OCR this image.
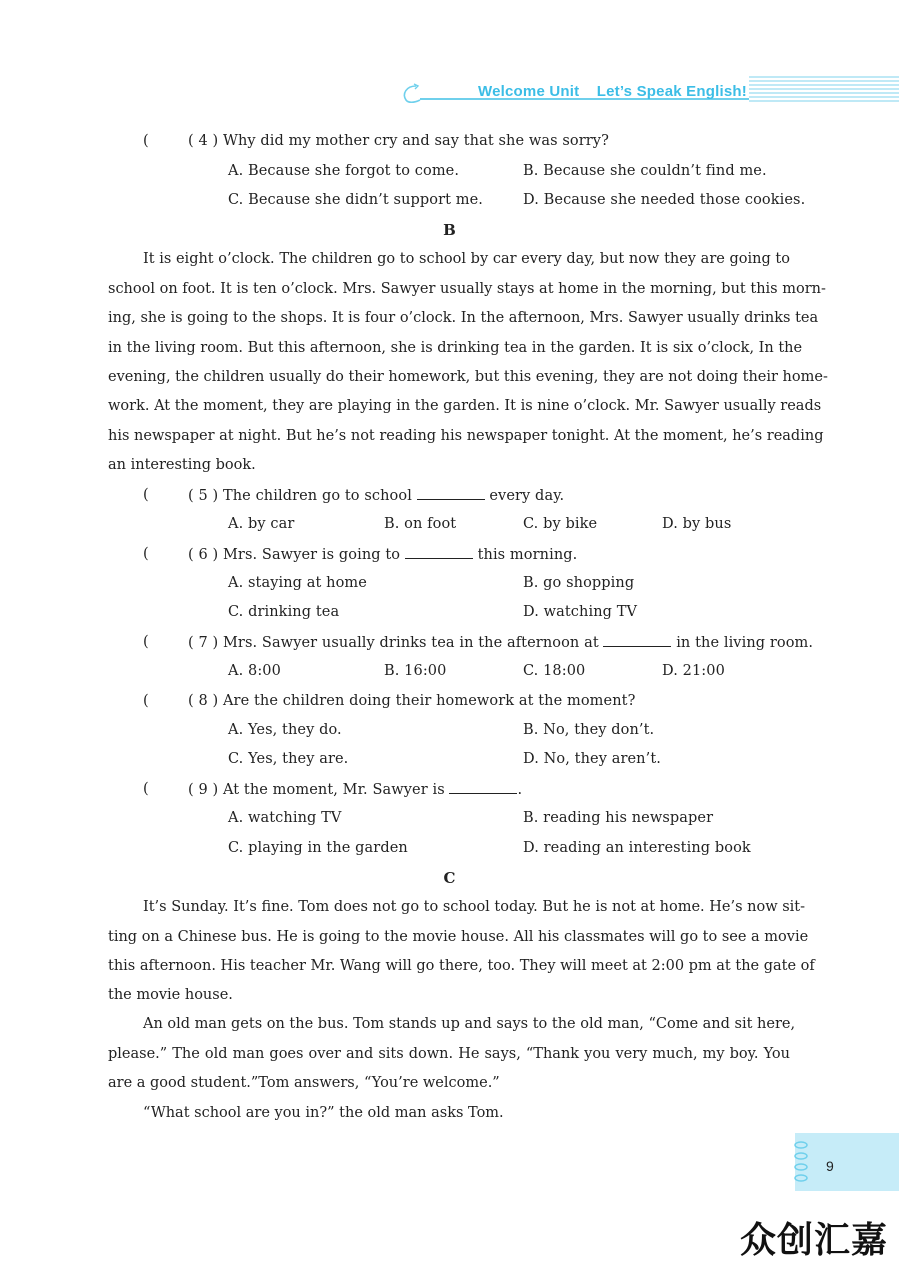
Welcome Unit    Let’s Speak English!
(	( 4 ) Why did my mother cry and say that she was sorry?
A. Because she forgot to come.	B. Because she couldn’t find me.
C. Because she didn’t support me.	D. Because she needed those cookies.
B
It is eight o’clock. The children go to school by car every day, but now they are going to
school on foot. It is ten o’clock. Mrs. Sawyer usually stays at home in the morning, but this morn-
ing, she is going to the shops. It is four o’clock. In the afternoon, Mrs. Sawyer usually drinks tea
in the living room. But this afternoon, she is drinking tea in the garden. It is six o’clock, In the
evening, the children usually do their homework, but this evening, they are not doing their home-
work. At the moment, they are playing in the garden. It is nine o’clock. Mr. Sawyer usually reads
his newspaper at night. But he’s not reading his newspaper tonight. At the moment, he’s reading
an interesting book.
(	( 5 ) The children go to school	every day.
A. by car	B. on foot	C. by bike	D. by bus
(	( 6 ) Mrs. Sawyer is going to	this morning.
A. staying at home	B. go shopping
C. drinking tea	D. watching TV
(	( 7 ) Mrs. Sawyer usually drinks tea in the afternoon at	in the living room.
A. 8:00	B. 16:00	C. 18:00	D. 21:00
(	( 8 ) Are the children doing their homework at the moment?
A. Yes, they do.	B. No, they don’t.
C. Yes, they are.	D. No, they aren’t.
(	( 9 ) At the moment, Mr. Sawyer is	.
A. watching TV	B. reading his newspaper
C. playing in the garden	D. reading an interesting book
C
It’s Sunday. It’s fine. Tom does not go to school today. But he is not at home. He’s now sit-
ting on a Chinese bus. He is going to the movie house. All his classmates will go to see a movie
this afternoon. His teacher Mr. Wang will go there, too. They will meet at 2:00 pm at the gate of
the movie house.
An old man gets on the bus. Tom stands up and says to the old man, “Come and sit here,
please.” The old man goes over and sits down. He says, “Thank you very much, my boy. You
are a good student.”Tom answers, “You’re welcome.”
“What school are you in?” the old man asks Tom.
9
众创汇嘉
